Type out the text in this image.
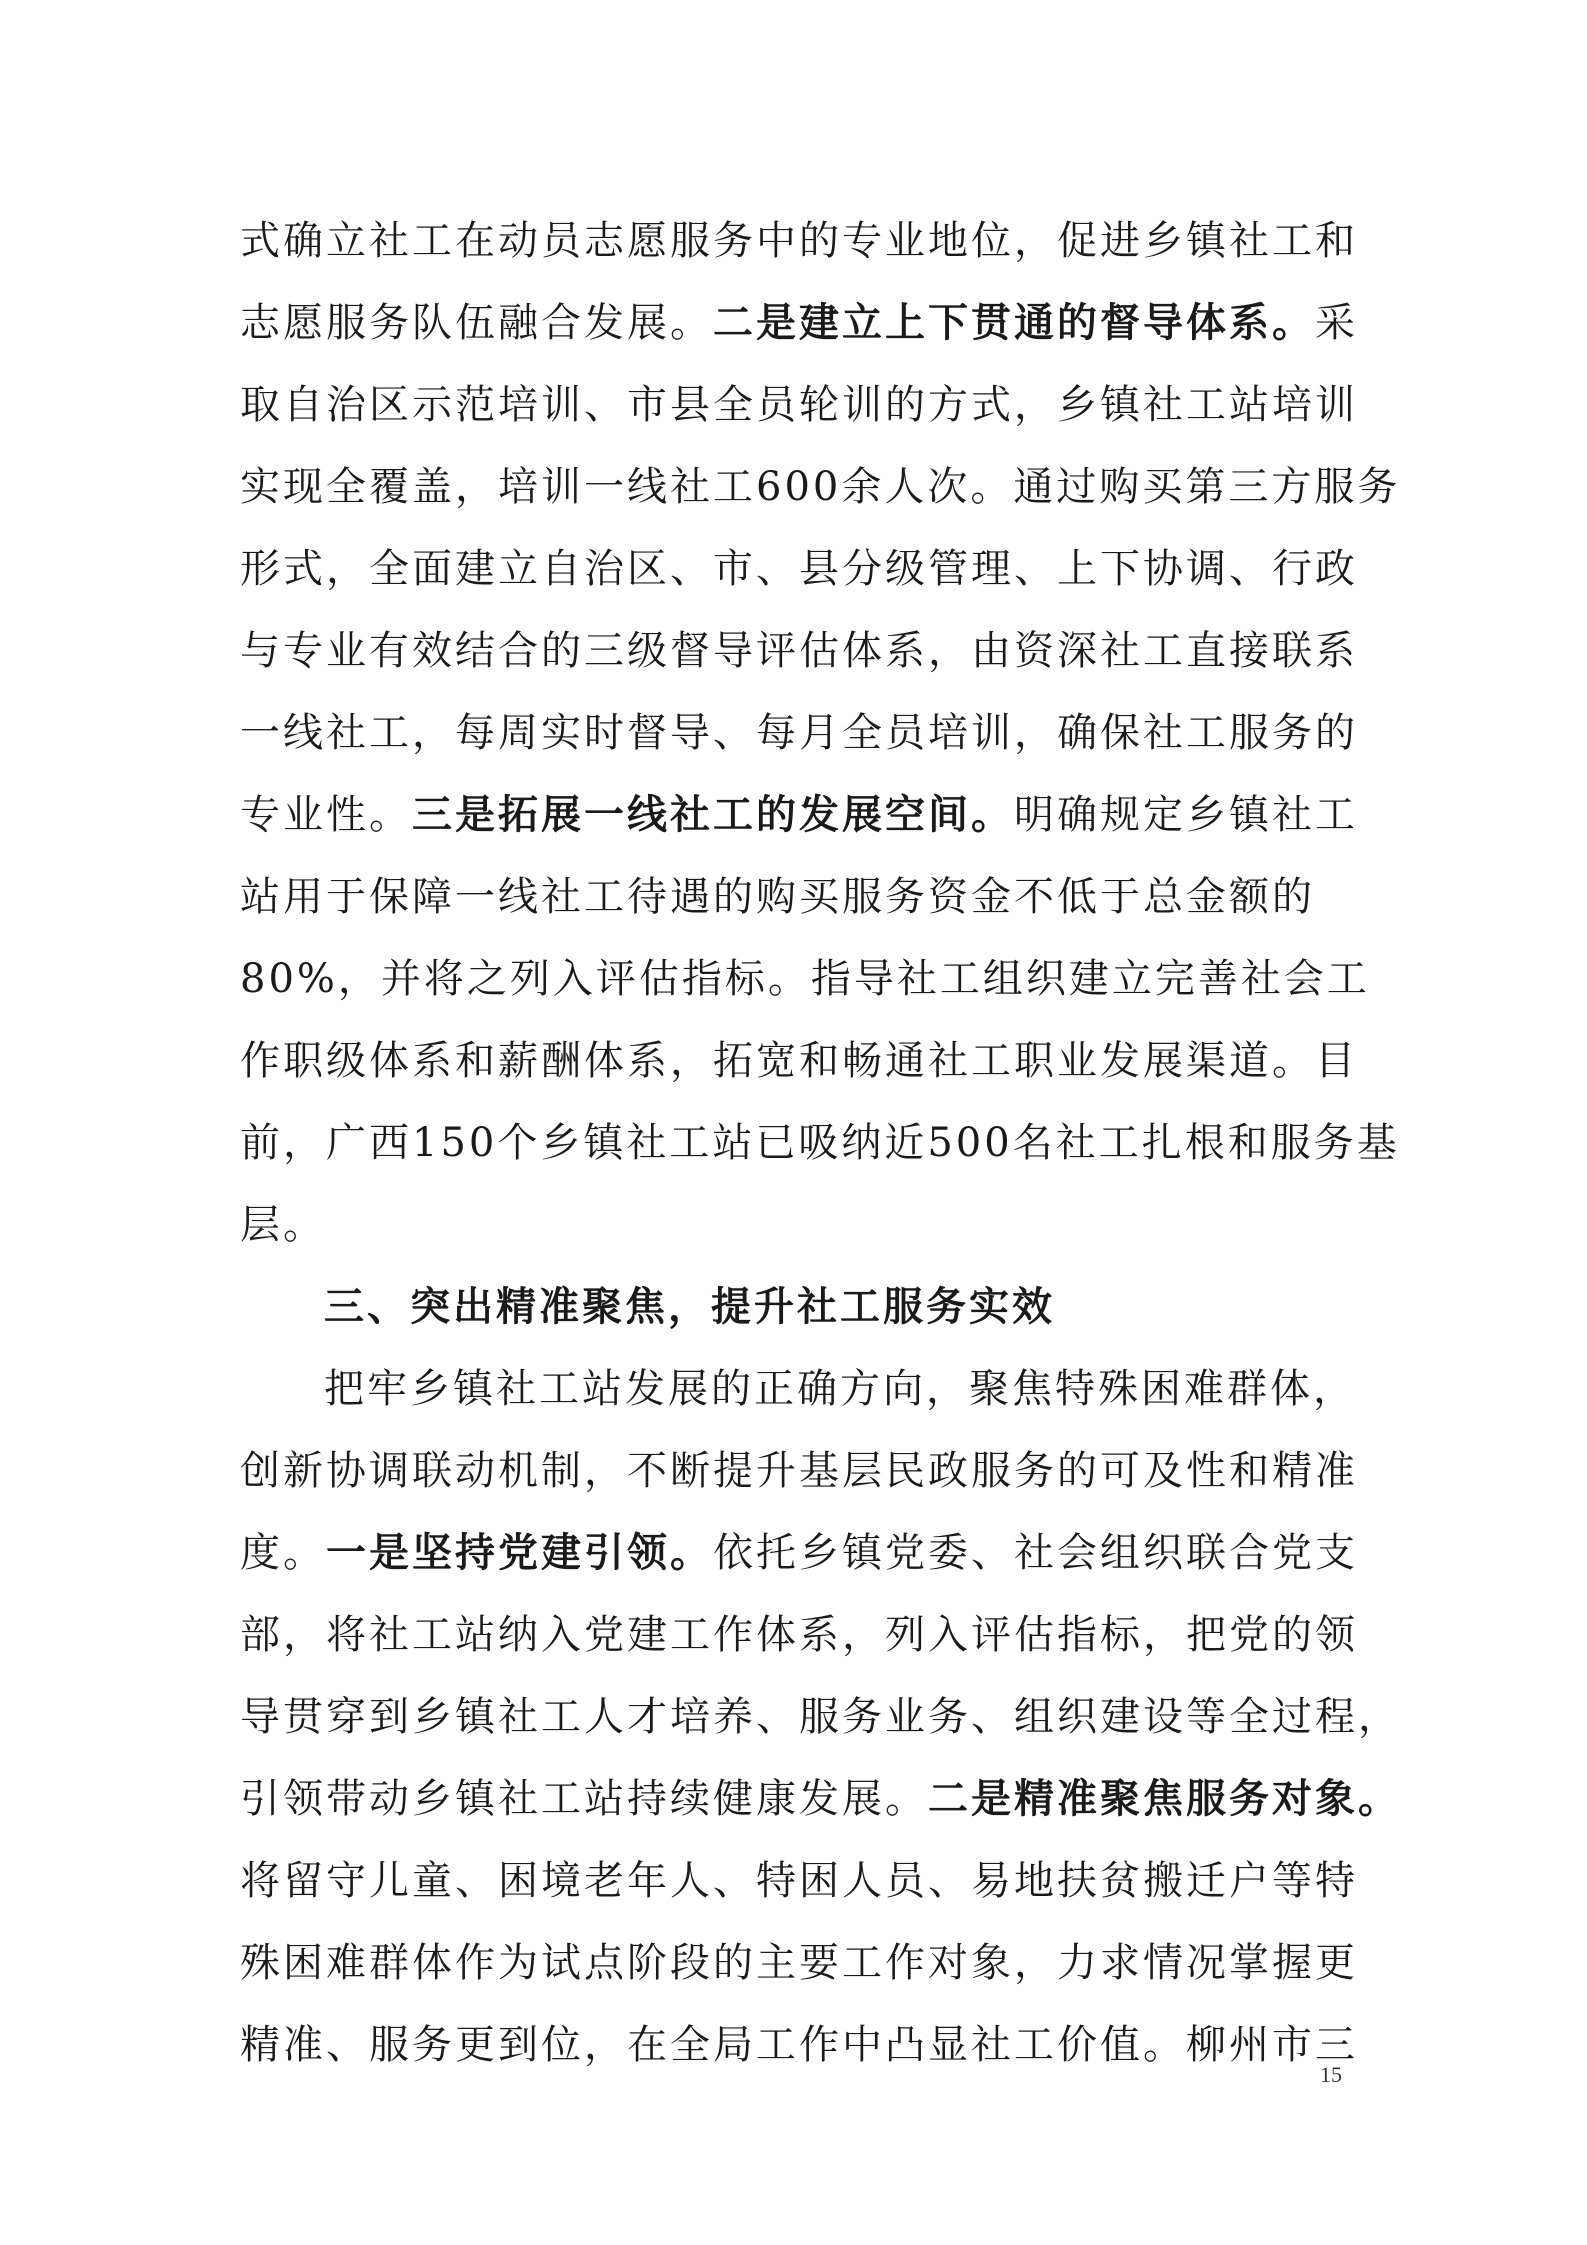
式确立社工在动员志愿服务中的专业地位，促进乡镇社工和
志愿服务队伍融合发展。二是建立上下贯通的督导体系。采
取自治区示范培训、市县全员轮训的方式，乡镇社工站培训
实现全覆盖，培训一线社工600余人次。通过购买第三方服务
形式，全面建立自治区、市、县分级管理、上下协调、行政
与专业有效结合的三级督导评估体系，由资深社工直接联系
一线社工，每周实时督导、每月全员培训，确保社工服务的
专业性。三是拓展一线社工的发展空间。明确规定乡镇社工
站用于保障一线社工待遇的购买服务资金不低于总金额的
80%，并将之列入评估指标。指导社工组织建立完善社会工
作职级体系和薪酬体系，拓宽和畅通社工职业发展渠道。目
前，广西150个乡镇社工站已吸纳近500名社工扎根和服务基
层。
三、突出精准聚焦，提升社工服务实效
把牢乡镇社工站发展的正确方向，聚焦特殊困难群体，
创新协调联动机制，不断提升基层民政服务的可及性和精准
度。一是坚持党建引领。依托乡镇党委、社会组织联合党支
部，将社工站纳入党建工作体系，列入评估指标，把党的领
导贯穿到乡镇社工人才培养、服务业务、组织建设等全过程，
引领带动乡镇社工站持续健康发展。二是精准聚焦服务对象。
将留守儿童、困境老年人、特困人员、易地扶贫搬迁户等特
殊困难群体作为试点阶段的主要工作对象，力求情况掌握更
精准、服务更到位，在全局工作中凸显社工价值。柳州市三
15
